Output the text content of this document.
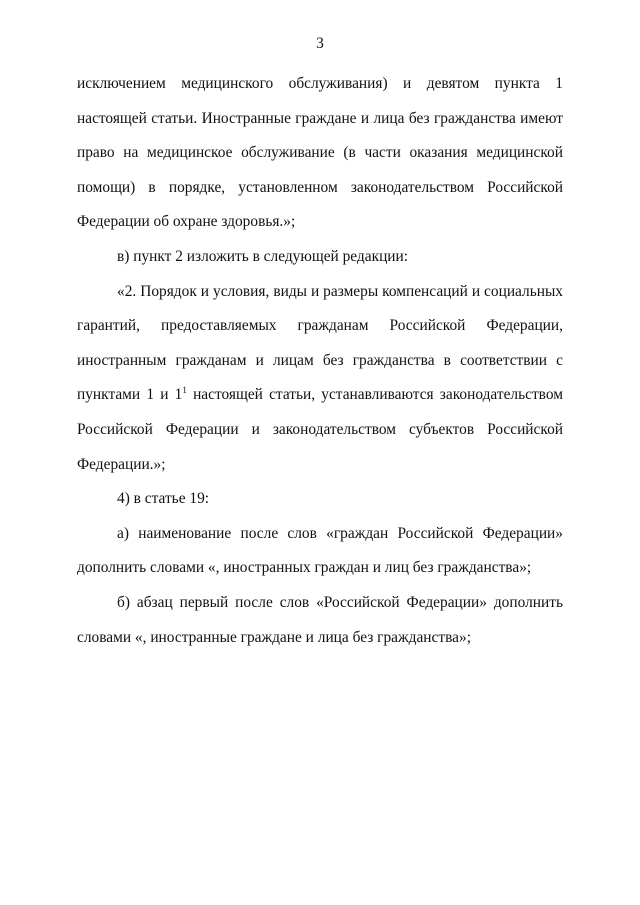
3

исключением медицинского обслуживания) и девятом пункта 1 настоящей статьи. Иностранные граждане и лица без гражданства имеют право на медицинское обслуживание (в части оказания медицинской помощи) в порядке, установленном законодательством Российской Федерации об охране здоровья.»;

в) пункт 2 изложить в следующей редакции:

«2. Порядок и условия, виды и размеры компенсаций и социальных гарантий, предоставляемых гражданам Российской Федерации, иностранным гражданам и лицам без гражданства в соответствии с пунктами 1 и $1^1$ настоящей статьи, устанавливаются законодательством Российской Федерации и законодательством субъектов Российской Федерации.»;

4) в статье 19:

а) наименование после слов «граждан Российской Федерации» дополнить словами «, иностранных граждан и лиц без гражданства»;

б) абзац первый после слов «Российской Федерации» дополнить словами «, иностранные граждане и лица без гражданства»;
